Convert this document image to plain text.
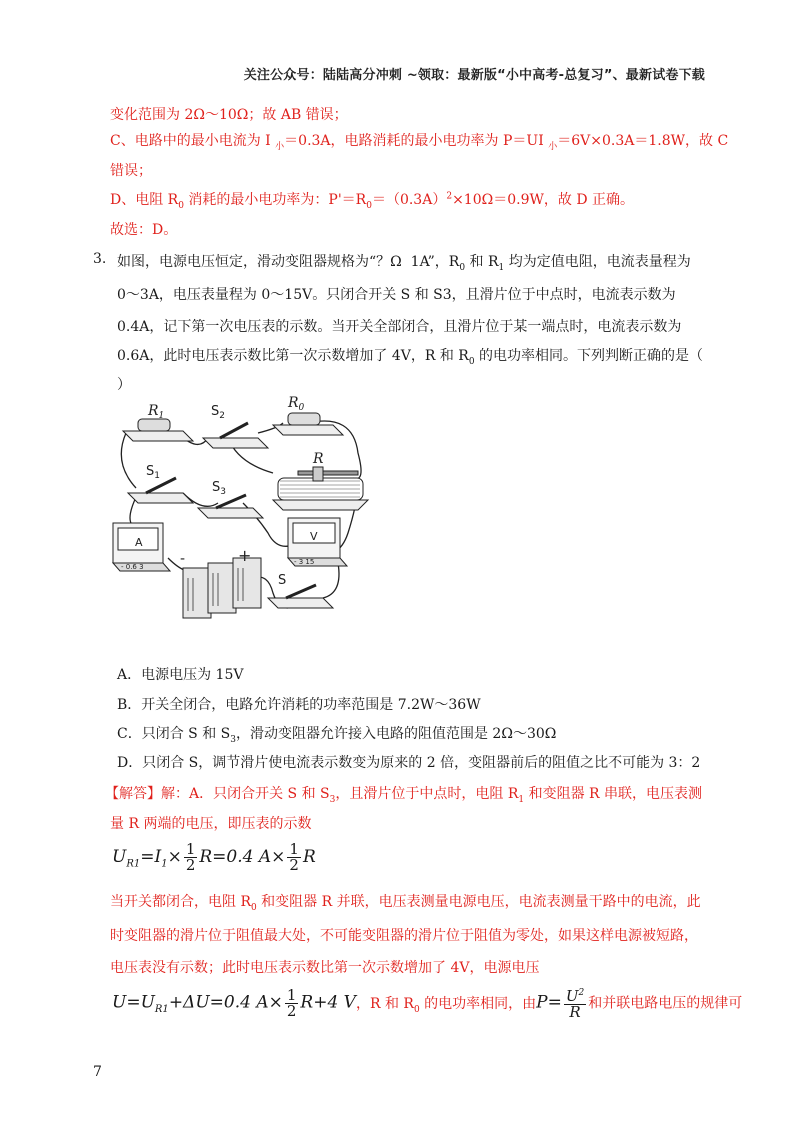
关注公众号：陆陆高分冲刺 ~领取：最新版“小中高考-总复习”、最新试卷下载
变化范围为 2Ω～10Ω；故 AB 错误；
C、电路中的最小电流为 I $_小$＝0.3A，电路消耗的最小电功率为 P＝UI $_小$＝6V×0.3A＝1.8W，故 C
错误；
D、电阻 $R_0$ 消耗的最小电功率为：$P'=R_0=(0.3A)^2\times 10\Omega=0.9W$，故 D 正确。
故选：D。
3. 如图，电源电压恒定，滑动变阻器规格为“？Ω  1A”，$R_0$ 和 $R_1$ 均为定值电阻，电流表量程为
0～3A，电压表量程为 0～15V。只闭合开关 S 和 S3，且滑片位于中点时，电流表示数为
0.4A，记下第一次电压表的示数。当开关全部闭合，且滑片位于某一端点时，电流表示数为
0.6A，此时电压表示数比第一次示数增加了 4V，R 和 $R_0$ 的电功率相同。下列判断正确的是（
）
$R_1$	$S_2$
$R_0$
R
$S_1$
$S_3$
A
- 0.6 3	-	+
V
- 3 15
S
A．电源电压为 15V
B．开关全闭合，电路允许消耗的功率范围是 7.2W～36W
C．只闭合 S 和 $S_3$，滑动变阻器允许接入电路的阻值范围是 2Ω～30Ω
D．只闭合 S，调节滑片使电流表示数变为原来的 2 倍，变阻器前后的阻值之比不可能为 3：2
【解答】解：A．只闭合开关 S 和 $S_3$，且滑片位于中点时，电阻 $R_1$ 和变阻器 R 串联，电压表测
量 R 两端的电压，即压表的示数
$U_{R1}=I_1\times \frac{1}{2} R=0.4$ $A\times \frac{1}{2}$ R
当开关都闭合，电阻 $R_0$ 和变阻器 R 并联，电压表测量电源电压，电流表测量干路中的电流，此
时变阻器的滑片位于阻值最大处，不可能变阻器的滑片位于阻值为零处，如果这样电源被短路，
电压表没有示数；此时电压表示数比第一次示数增加了 4V，电源电压
$U=U_{R1}+\Delta U=0.4$ $A\times \frac{1}{2} R+4$ V，R 和 $R_0$ 的电功率相同，由$P= \frac{U^2}{R}$ 和并联电路电压的规律可
7
